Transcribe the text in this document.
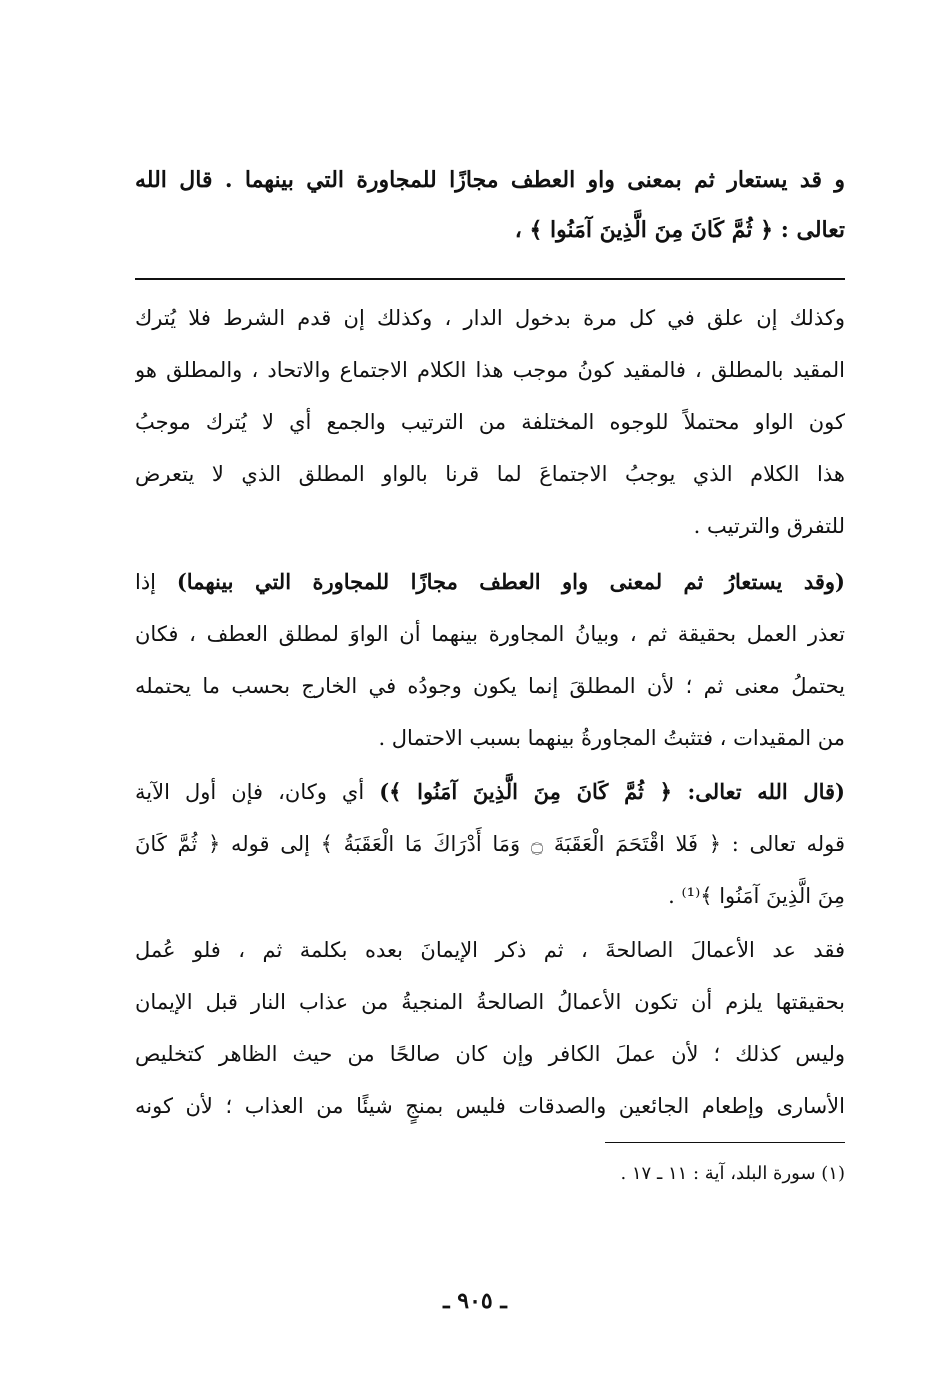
و قد يستعار ثم بمعنى واو العطف مجازًا للمجاورة التي بينهما . قال الله
تعالى : ﴿ ثُمَّ كَانَ مِنَ الَّذِينَ آمَنُوا ﴾ ،
وكذلك إن علق في كل مرة بدخول الدار ، وكذلك إن قدم الشرط فلا يُترك
المقيد بالمطلق ، فالمقيد كونُ موجب هذا الكلام الاجتماع والاتحاد ، والمطلق هو
كون الواو محتملاً للوجوه المختلفة من الترتيب والجمع أي لا يُترك موجبُ
هذا الكلام الذي يوجبُ الاجتماعَ لما قرنا بالواو المطلق الذي لا يتعرض
للتفرق والترتيب .
(وقد يستعارُ ثم لمعنى واو العطف مجازًا للمجاورة التي بينهما) إذا
تعذر العمل بحقيقة ثم ، وبيانُ المجاورة بينهما أن الواوَ لمطلق العطف ، فكان
يحتملُ معنى ثم ؛ لأن المطلقَ إنما يكون وجودُه في الخارج بحسب ما يحتمله
من المقيدات ، فتثبتُ المجاورةُ بينهما بسبب الاحتمال .
(قال الله تعالى: ﴿ ثُمَّ كَانَ مِنَ الَّذِينَ آمَنُوا ﴾) أي وكان، فإن أول الآية
قوله تعالى : ﴿ فَلا اقْتَحَمَ الْعَقَبَةَ ۝ وَمَا أَدْرَاكَ مَا الْعَقَبَةُ ﴾ إلى قوله ﴿ ثُمَّ كَانَ
مِنَ الَّذِينَ آمَنُوا ﴾⁽¹⁾ .
فقد عد الأعمالَ الصالحةَ ، ثم ذكر الإيمانَ بعده بكلمة ثم ، فلو عُمل
بحقيقتها يلزم أن تكون الأعمالُ الصالحةُ المنجيةُ من عذاب النار قبل الإيمان
وليس كذلك ؛ لأن عملَ الكافر وإن كان صالحًا من حيث الظاهر كتخليص
الأسارى وإطعام الجائعين والصدقات فليس بمنجٍ شيئًا من العذاب ؛ لأن كونه
(١) سورة البلد، آية : ١١ ـ ١٧ .
ـ ٩٠٥ ـ
